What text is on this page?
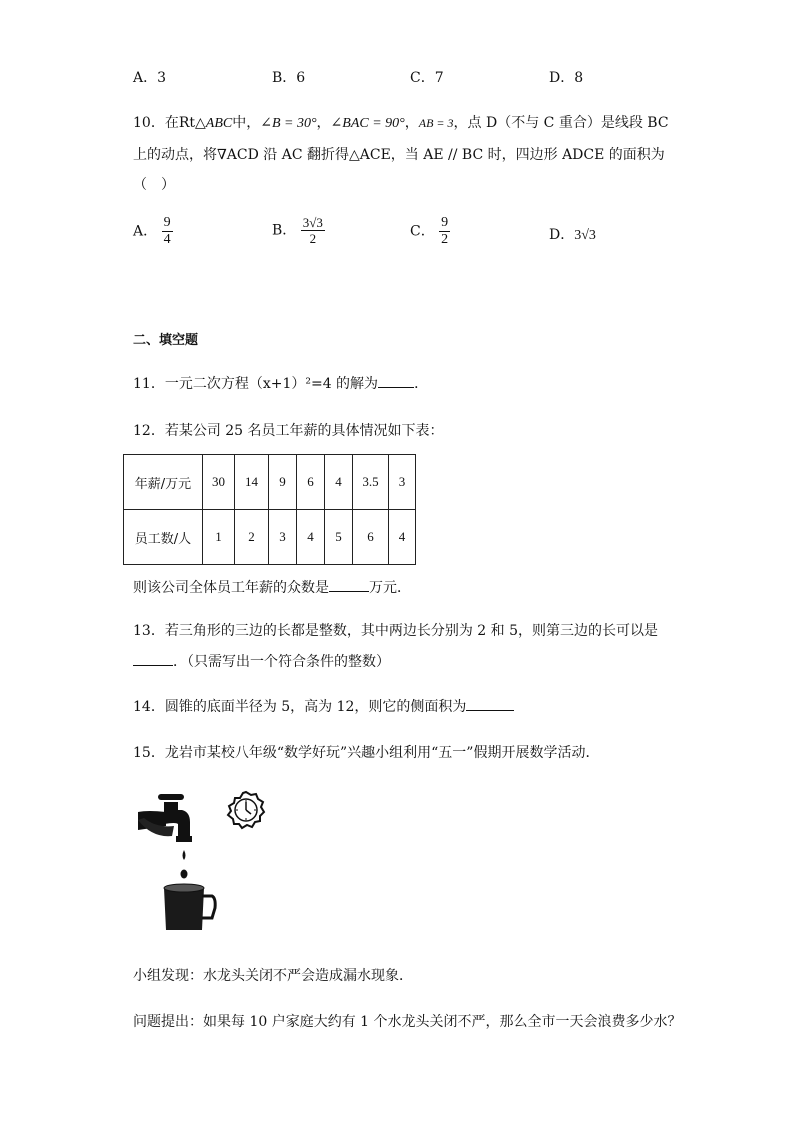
A．3	B．6	C．7	D．8
10．在Rt△ABC中，∠B = 30°，∠BAC = 90°，AB = 3，点 D（不与 C 重合）是线段 BC
上的动点，将∇ACD 沿 AC 翻折得△ACE，当 AE // BC 时，四边形 ADCE 的面积为
（　）
A． $\frac{9}{4}$	B． $\frac{3√3}{2}$	C． $\frac{9}{2}$	D．3√3
二、填空题
11．一元二次方程（x+1）²=4 的解为	．
12．若某公司 25 名员工年薪的具体情况如下表：
年薪/万元	30	14	9	6	4	3.5	3
员工数/人	1	2	3	4	5	6	4
则该公司全体员工年薪的众数是	万元．
13．若三角形的三边的长都是整数，其中两边长分别为 2 和 5，则第三边的长可以是
．（只需写出一个符合条件的整数）
14．圆锥的底面半径为 5，高为 12，则它的侧面积为
15．龙岩市某校八年级“数学好玩”兴趣小组利用“五一”假期开展数学活动．
小组发现：水龙头关闭不严会造成漏水现象．
问题提出：如果每 10 户家庭大约有 1 个水龙头关闭不严，那么全市一天会浪费多少水？
